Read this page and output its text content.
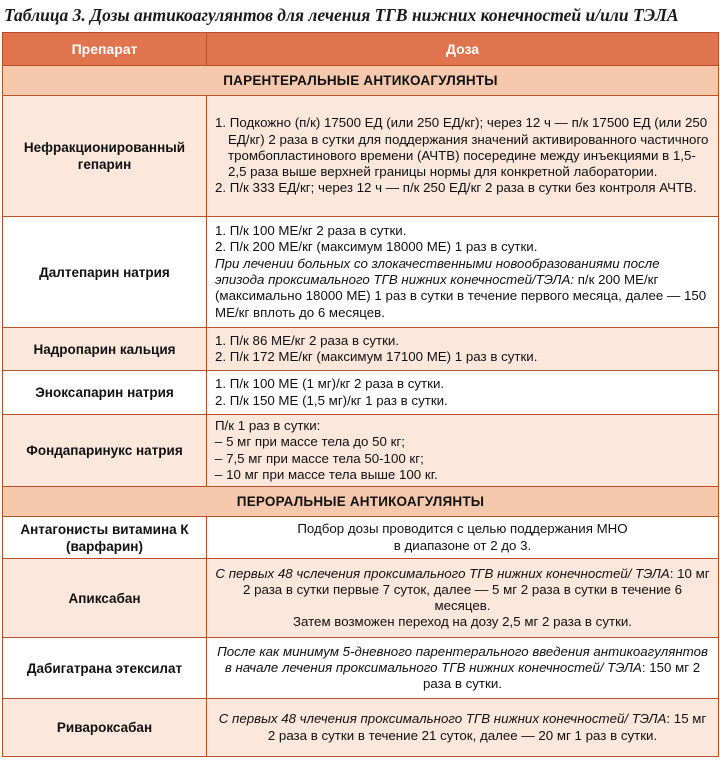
Таблица 3. Дозы антикоагулянтов для лечения ТГВ нижних конечностей и/или ТЭЛА
Препарат	Доза
ПАРЕНТЕРАЛЬНЫЕ АНТИКОАГУЛЯНТЫ	
Нефракционированный гепарин	1. Подкожно (п/к) 17500 ЕД (или 250 ЕД/кг); через 12 ч — п/к 17500 ЕД (или 250 ЕД/кг) 2 раза в сутки для поддержания значений активированного частичного тромбопластинового времени (АЧТВ) посередине между инъекциями в 1,5-2,5 раза выше верхней границы нормы для конкретной лаборатории.
2. П/к 333 ЕД/кг; через 12 ч — п/к 250 ЕД/кг 2 раза в сутки без контроля АЧТВ.

Далтепарин натрия	1. П/к 100 МЕ/кг 2 раза в сутки.
2. П/к 200 МЕ/кг (максимум 18000 МЕ) 1 раз в сутки.
При лечении больных со злокачественными новообразованиями после эпизода проксимального ТГВ нижних конечностей/ТЭЛА: п/к 200 МЕ/кг (максимально 18000 МЕ) 1 раз в сутки в течение первого месяца, далее — 150 МЕ/кг вплоть до 6 месяцев.

Надропарин кальция	1. П/к 86 МЕ/кг 2 раза в сутки.
2. П/к 172 МЕ/кг (максимум 17100 МЕ) 1 раз в сутки.

Эноксапарин натрия	1. П/к 100 МЕ (1 мг)/кг 2 раза в сутки.
2. П/к 150 МЕ (1,5 мг)/кг 1 раз в сутки.

Фондапаринукс натрия	П/к 1 раз в сутки:
– 5 мг при массе тела до 50 кг;
– 7,5 мг при массе тела 50-100 кг;
– 10 мг при массе тела выше 100 кг.

ПЕРОРАЛЬНЫЕ АНТИКОАГУЛЯНТЫ	
Антагонисты витамина К (варфарин)	Подбор дозы проводится с целью поддержания МНО
в диапазоне от 2 до 3.

Апиксабан	С первых 48 чслечения проксимального ТГВ нижних конечностей/ ТЭЛА: 10 мг 2 раза в сутки первые 7 суток, далее — 5 мг 2 раза в сутки в течение 6 месяцев.
Затем возможен переход на дозу 2,5 мг 2 раза в сутки.

Дабигатрана этексилат	После как минимум 5-дневного парентерального введения антикоагулянтов в начале лечения проксимального ТГВ нижних конечностей/ ТЭЛА: 150 мг 2 раза в сутки.

Ривароксабан	С первых 48 члечения проксимального ТГВ нижних конечностей/ ТЭЛА: 15 мг 2 раза в сутки в течение 21 суток, далее — 20 мг 1 раз в сутки.
